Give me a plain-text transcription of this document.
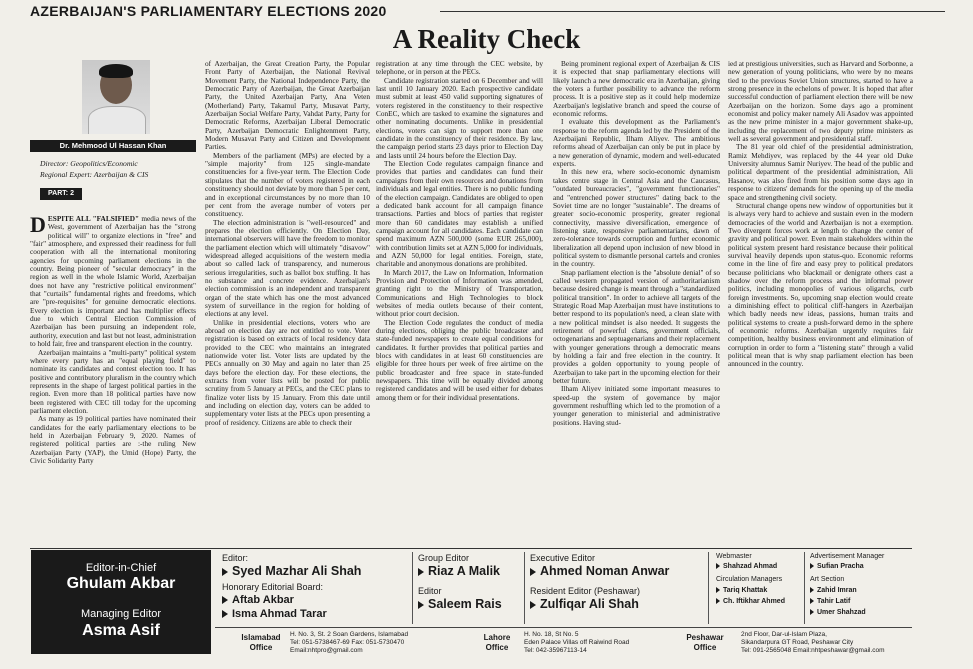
AZERBAIJAN'S PARLIAMENTARY ELECTIONS 2020
A Reality Check
Dr. Mehmood Ul Hassan Khan
Director: Geopolitics/Economic
Regional Expert: Azerbaijan & CIS
PART: 2

DESPITE ALL "FALSIFIED" media news of the West, government of Azerbaijan has the "strong political will" to organize elections in "free" and "fair" atmosphere, and expressed their readiness for full cooperation with all the international monitoring agencies for upcoming parliament elections in the country. Being pioneer of "secular democracy" in the region as well in the whole Islamic World, Azerbaijan does not have any "restrictive political environment" that "curtails" fundamental rights and freedoms, which are "pre-requisites" for genuine democratic elections. Every election is important and has multiplier effects due to which Central Election Commission of Azerbaijan has been pursuing an independent role, authority, execution and last but not least, administration to hold fair, free and transparent election in the country.

Azerbaijan maintains a "multi-party" political system where every party has an "equal playing field" to nominate its candidates and contest election too. It has positive and contributory pluralism in the country which represents in the shape of largest political parties in the region. Even more than 18 political parties have now been registered with CEC till today for the upcoming parliament election.

As many as 19 political parties have nominated their candidates for the early parliamentary elections to be held in Azerbaijan February 9, 2020. Names of registered political parties are :-the ruling New Azerbaijan Party (YAP), the Umid (Hope) Party, the Civic Solidarity Party

of Azerbaijan, the Great Creation Party, the Popular Front Party of Azerbaijan, the National Revival Movement Party, the National Independence Party, the Democratic Party of Azerbaijan, the Great Azerbaijan Party, the United Azerbaijan Party, Ana Veten (Motherland) Party, Takamul Party, Musavat Party, Azerbaijan Social Welfare Party, Vahdat Party, Party for Democratic Reforms, Azerbaijan Liberal Democratic Party, Azerbaijan Democratic Enlightenment Party, Modern Musavat Party and Citizen and Development Parties.

Members of the parliament (MPs) are elected by a "simple majority" from 125 single-mandate constituencies for a five-year term. The Election Code stipulates that the number of voters registered in each constituency should not deviate by more than 5 per cent, and in exceptional circumstances by no more than 10 per cent from the average number of voters per constituency.

The election administration is "well-resourced" and prepares the election efficiently. On Election Day, international observers will have the freedom to monitor the parliament election which will ultimately "disavow" widespread alleged acquisitions of the western media about so called lack of transparency, and numerous serious irregularities, such as ballot box stuffing. It has no substance and concrete evidence. Azerbaijan's election commission is an independent and transparent organ of the state which has one the most advanced system of surveillance in the region for holding of elections at any level.

Unlike in presidential elections, voters who are abroad on election day are not entitled to vote. Voter registration is based on extracts of local residency data provided to the CEC who maintains an integrated nationwide voter list. Voter lists are updated by the PECs annually on 30 May and again no later than 25 days before the election day. For these elections, the extracts from voter lists will be posted for public scrutiny from 5 January at PECs, and the CEC plans to finalize voter lists by 15 January. From this date until and including on election day, voters can be added to supplementary voter lists at the PECs upon presenting a proof of residency. Citizens are able to check their

registration at any time through the CEC website, by telephone, or in person at the PECs.

Candidate registration started on 6 December and will last until 10 January 2020. Each prospective candidate must submit at least 450 valid supporting signatures of voters registered in the constituency to their respective ConEC, which are tasked to examine the signatures and other nominating documents. Unlike in presidential elections, voters can sign to support more than one candidate in the constituency of their residence. By law, the campaign period starts 23 days prior to Election Day and lasts until 24 hours before the Election Day.

The Election Code regulates campaign finance and provides that parties and candidates can fund their campaigns from their own resources and donations from individuals and legal entities. There is no public funding of the election campaign. Candidates are obliged to open a dedicated bank account for all campaign finance transactions. Parties and blocs of parties that register more than 60 candidates may establish a unified campaign account for all candidates. Each candidate can spend maximum AZN 500,000 (some EUR 265,000), with contribution limits set at AZN 5,000 for individuals, and AZN 50,000 for legal entities. Foreign, state, charitable and anonymous donations are prohibited.

In March 2017, the Law on Information, Information Provision and Protection of Information was amended, granting right to the Ministry of Transportation, Communications and High Technologies to block websites of media outlets because of their content, without prior court decision.

The Election Code regulates the conduct of media during elections, obliging the public broadcaster and state-funded newspapers to create equal conditions for candidates. It further provides that political parties and blocs with candidates in at least 60 constituencies are eligible for three hours per week of free airtime on the public broadcaster and free space in state-funded newspapers. This time will be equally divided among registered candidates and will be used either for debates among them or for their individual presentations.

Being prominent regional expert of Azerbaijan & CIS it is expected that snap parliamentary elections will likely launch a new democratic era in Azerbaijan, giving the voters a further possibility to advance the reform process. It is a positive step as it could help modernize Azerbaijan's legislative branch and speed the course of economic reforms.

I evaluate this development as the Parliament's response to the reform agenda led by the President of the Azerbaijani Republic, Ilham Aliyev. The ambitious reforms ahead of Azerbaijan can only be put in place by a new generation of dynamic, modern and well-educated experts.

In this new era, where socio-economic dynamism takes centre stage in Central Asia and the Caucasus, "outdated bureaucracies", "government functionaries" and "entrenched power structures" dating back to the Soviet time are no longer "sustainable". The dreams of greater socio-economic prosperity, greater regional connectivity, massive diversification, emergence of listening state, responsive parliamentarians, dawn of zero-tolerance towards corruption and further economic liberalization all depend upon inclusion of new blood in political system to dismantle personal cartels and cronies in the country.

Snap parliament election is the "absolute denial" of so called western propagated version of authoritarianism because desired change is meant through a "standardized political transition". In order to achieve all targets of the Strategic Road Map Azerbaijan must have institutions to better respond to its population's need, a clean slate with a new political mindset is also needed. It suggests the retirement of powerful clans, government officials, octogenarians and septuagenarians and their replacement with younger generations through a democratic means by holding a fair and free election in the country. It provides a golden opportunity to young people of Azerbaijan to take part in the upcoming election for their better future.

Ilham Aliyev initiated some important measures to speed-up the system of governance by major government reshuffling which led to the promotion of a younger generation to ministerial and administrative positions. Having stud-

ied at prestigious universities, such as Harvard and Sorbonne, a new generation of young politicians, who were by no means tied to the previous Soviet Union structures, started to have a strong presence in the echelons of power. It is hoped that after successful conduction of parliament election there will be new Azerbaijan on the horizon. Some days ago a prominent economist and policy maker namely Ali Asadov was appointed as the new prime minister in a major government shake-up, including the replacement of two deputy prime ministers as well as several government and presidential staff.

The 81 year old chief of the presidential administration, Ramiz Mehdiyev, was replaced by the 44 year old Duke University alumnus Samir Nuriyev. The head of the public and political department of the presidential administration, Ali Hasanov, was also fired from his position some days ago in response to citizens' demands for the opening up of the media space and strengthening civil society.

Structural change opens new window of opportunities but it is always very hard to achieve and sustain even in the modern democracies of the world and Azerbaijan is not a exemption. Two divergent forces work at length to change the center of gravity and political power. Even main stakeholders within the political system present hard resistance because their political survival heavily depends upon status-quo. Economic reforms come in the line of fire and easy prey to political predators because politicians who blackmail or denigrate others cast a shadow over the reform process and the informal power politics, including monopolies of various oligarchs, curb foreign investments. So, upcoming snap election would create a diminishing effect to political cliff-hangers in Azerbaijan which badly needs new ideas, passions, human traits and political systems to create a push-forward demo in the sphere of economic reforms. Azerbaijan urgently requires fair competition, healthy business environment and elimination of corruption in order to form a "listening state" through a valid political mean that is why snap parliament election has been announced in the country.

Editor-in-Chief
Ghulam Akbar
Managing Editor
Asma Asif
Editor:
Syed Mazhar Ali Shah
Honorary Editorial Board:
Aftab Akbar
Isma Ahmad Tarar
Group Editor
Riaz A Malik
Editor
Saleem Rais
Executive Editor
Ahmed Noman Anwar
Resident Editor (Peshawar)
Zulfiqar Ali Shah
Webmaster
Shahzad Ahmad
Circulation Managers
Tariq Khattak
Ch. Iftikhar Ahmed
Advertisement Manager
Sufian Pracha
Art Section
Zahid Imran
Tahir Latif
Umer Shahzad
Islamabad
Office
H. No. 3, St. 2 Soan Gardens, Islamabad
Tel: 051-5738467-69 Fax: 051-5730470
Email:nhtpro@gmail.com
Lahore
Office
H. No. 18, St No. 5
Eden Palace Villas off Raiwind Road
Tel: 042-35967113-14
Peshawar
Office
2nd Floor, Dar-ul-Islam Plaza,
Sikandarpura GT Road, Peshawar City
Tel: 091-2565048 Email:nhtpeshawar@gmail.com
